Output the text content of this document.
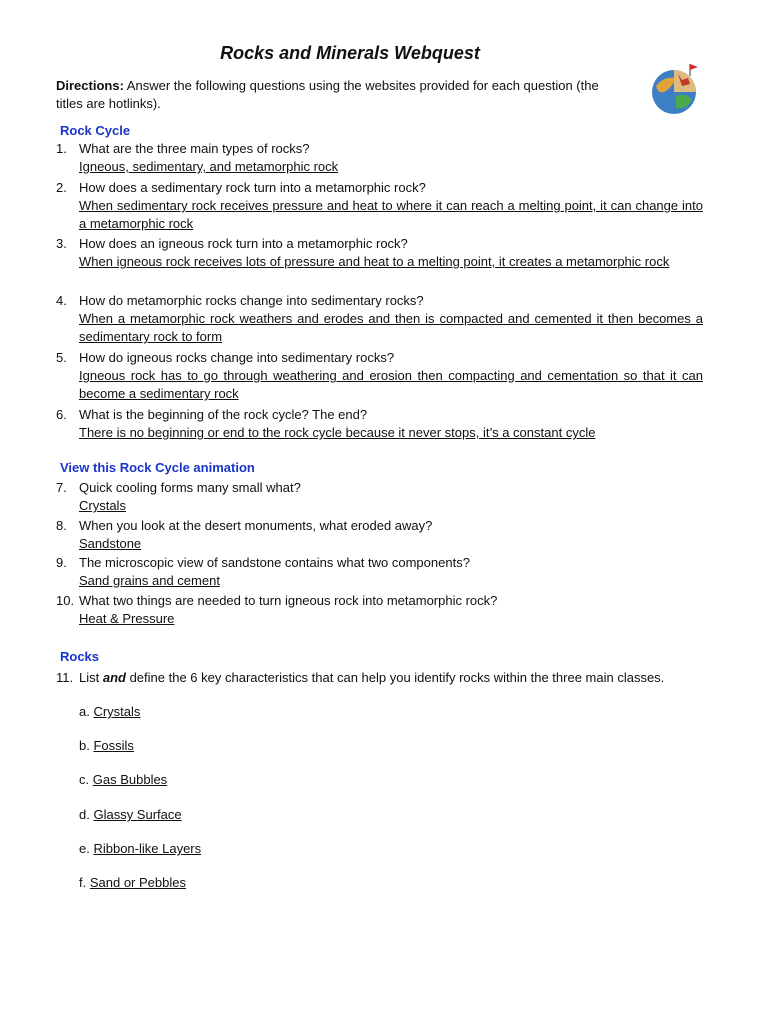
Rocks and Minerals Webquest
Directions: Answer the following questions using the websites provided for each question (the titles are hotlinks).
Rock Cycle
1. What are the three main types of rocks?
Igneous, sedimentary, and metamorphic rock
2. How does a sedimentary rock turn into a metamorphic rock?
When sedimentary rock receives pressure and heat to where it can reach a melting point, it can change into a metamorphic rock
3. How does an igneous rock turn into a metamorphic rock?
When igneous rock receives lots of pressure and heat to a melting point, it creates a metamorphic rock
4. How do metamorphic rocks change into sedimentary rocks?
When a metamorphic rock weathers and erodes and then is compacted and cemented it then becomes a sedimentary rock to form
5. How do igneous rocks change into sedimentary rocks?
Igneous rock has to go through weathering and erosion then compacting and cementation so that it can become a sedimentary rock
6. What is the beginning of the rock cycle? The end?
There is no beginning or end to the rock cycle because it never stops, it’s a constant cycle
View this Rock Cycle animation
7. Quick cooling forms many small what?
Crystals
8. When you look at the desert monuments, what eroded away?
Sandstone
9. The microscopic view of sandstone contains what two components?
Sand grains and cement
10. What two things are needed to turn igneous rock into metamorphic rock?
Heat & Pressure
Rocks
11. List and define the 6 key characteristics that can help you identify rocks within the three main classes.
a. Crystals
b. Fossils
c. Gas Bubbles
d. Glassy Surface
e. Ribbon-like Layers
f. Sand or Pebbles
